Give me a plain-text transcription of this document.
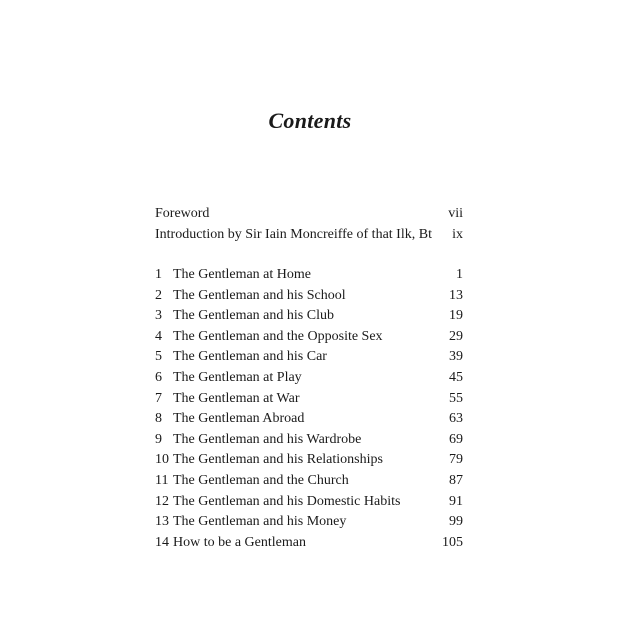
Contents
Foreword	vii
Introduction by Sir Iain Moncreiffe of that Ilk, Bt	ix
1 The Gentleman at Home	1
2 The Gentleman and his School	13
3 The Gentleman and his Club	19
4 The Gentleman and the Opposite Sex	29
5 The Gentleman and his Car	39
6 The Gentleman at Play	45
7 The Gentleman at War	55
8 The Gentleman Abroad	63
9 The Gentleman and his Wardrobe	69
10 The Gentleman and his Relationships	79
11 The Gentleman and the Church	87
12 The Gentleman and his Domestic Habits	91
13 The Gentleman and his Money	99
14 How to be a Gentleman	105
